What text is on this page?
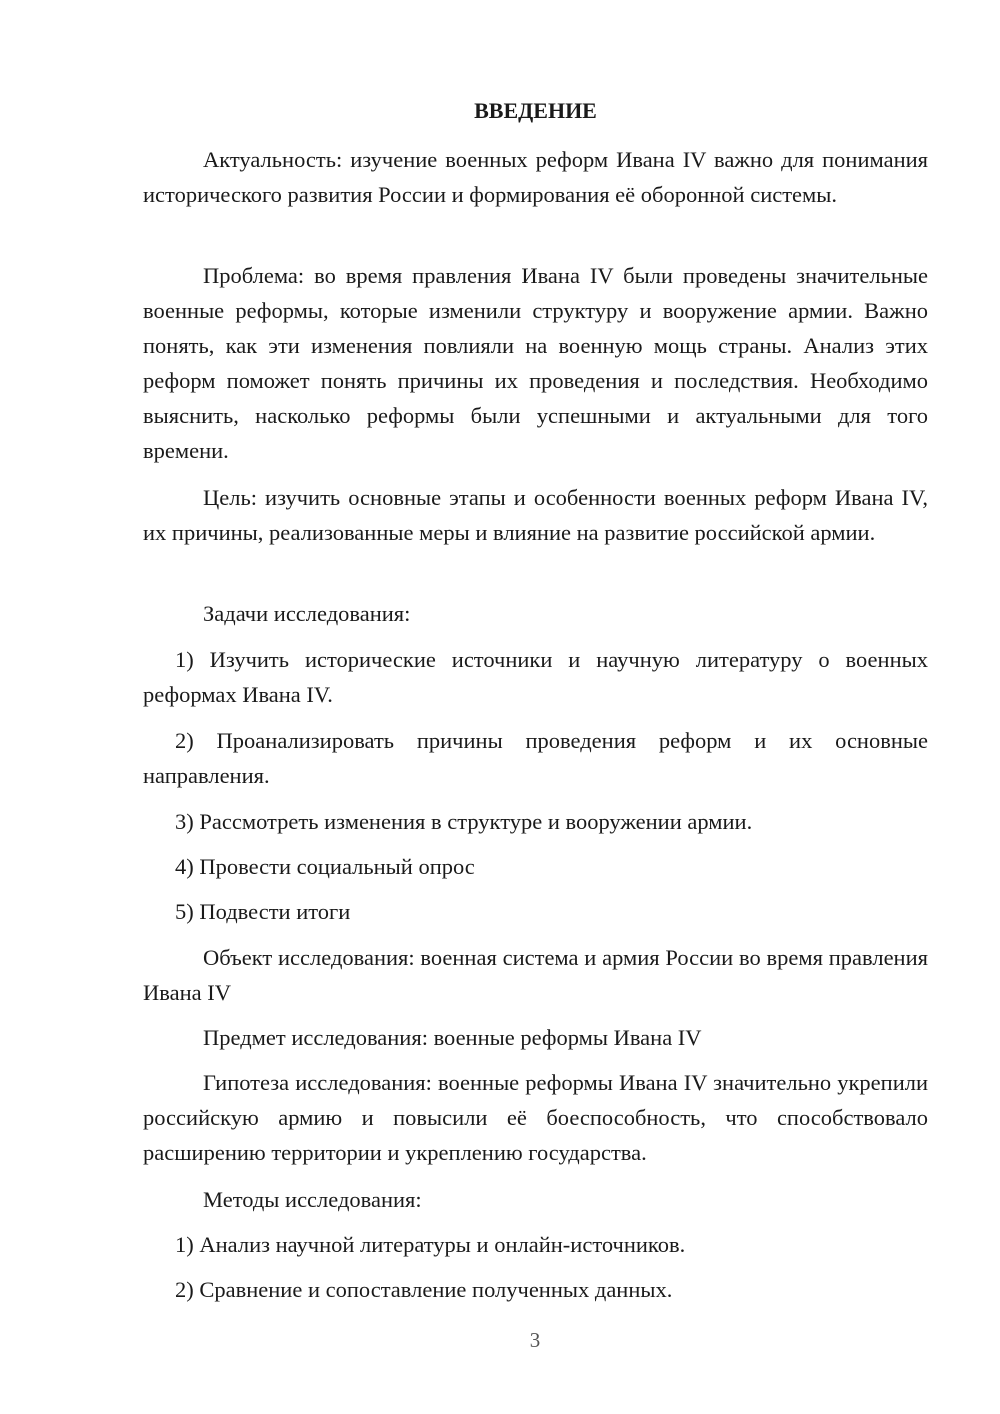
ВВЕДЕНИЕ

Актуальность: изучение военных реформ Ивана IV важно для понимания исторического развития России и формирования её оборонной системы.

Проблема: во время правления Ивана IV были проведены значительные военные реформы, которые изменили структуру и вооружение армии. Важно понять, как эти изменения повлияли на военную мощь страны. Анализ этих реформ поможет понять причины их проведения и последствия. Необходимо выяснить, насколько реформы были успешными и актуальными для того времени.

Цель: изучить основные этапы и особенности военных реформ Ивана IV, их причины, реализованные меры и влияние на развитие российской армии.

Задачи исследования:

1) Изучить исторические источники и научную литературу о военных реформах Ивана IV.

2) Проанализировать причины проведения реформ и их основные направления.

3) Рассмотреть изменения в структуре и вооружении армии.

4) Провести социальный опрос

5) Подвести итоги

Объект исследования: военная система и армия России во время правления Ивана IV

Предмет исследования: военные реформы Ивана IV

Гипотеза исследования: военные реформы Ивана IV значительно укрепили российскую армию и повысили её боеспособность, что способствовало расширению территории и укреплению государства.

Методы исследования:

1) Анализ научной литературы и онлайн-источников.

2) Сравнение и сопоставление полученных данных.

3
